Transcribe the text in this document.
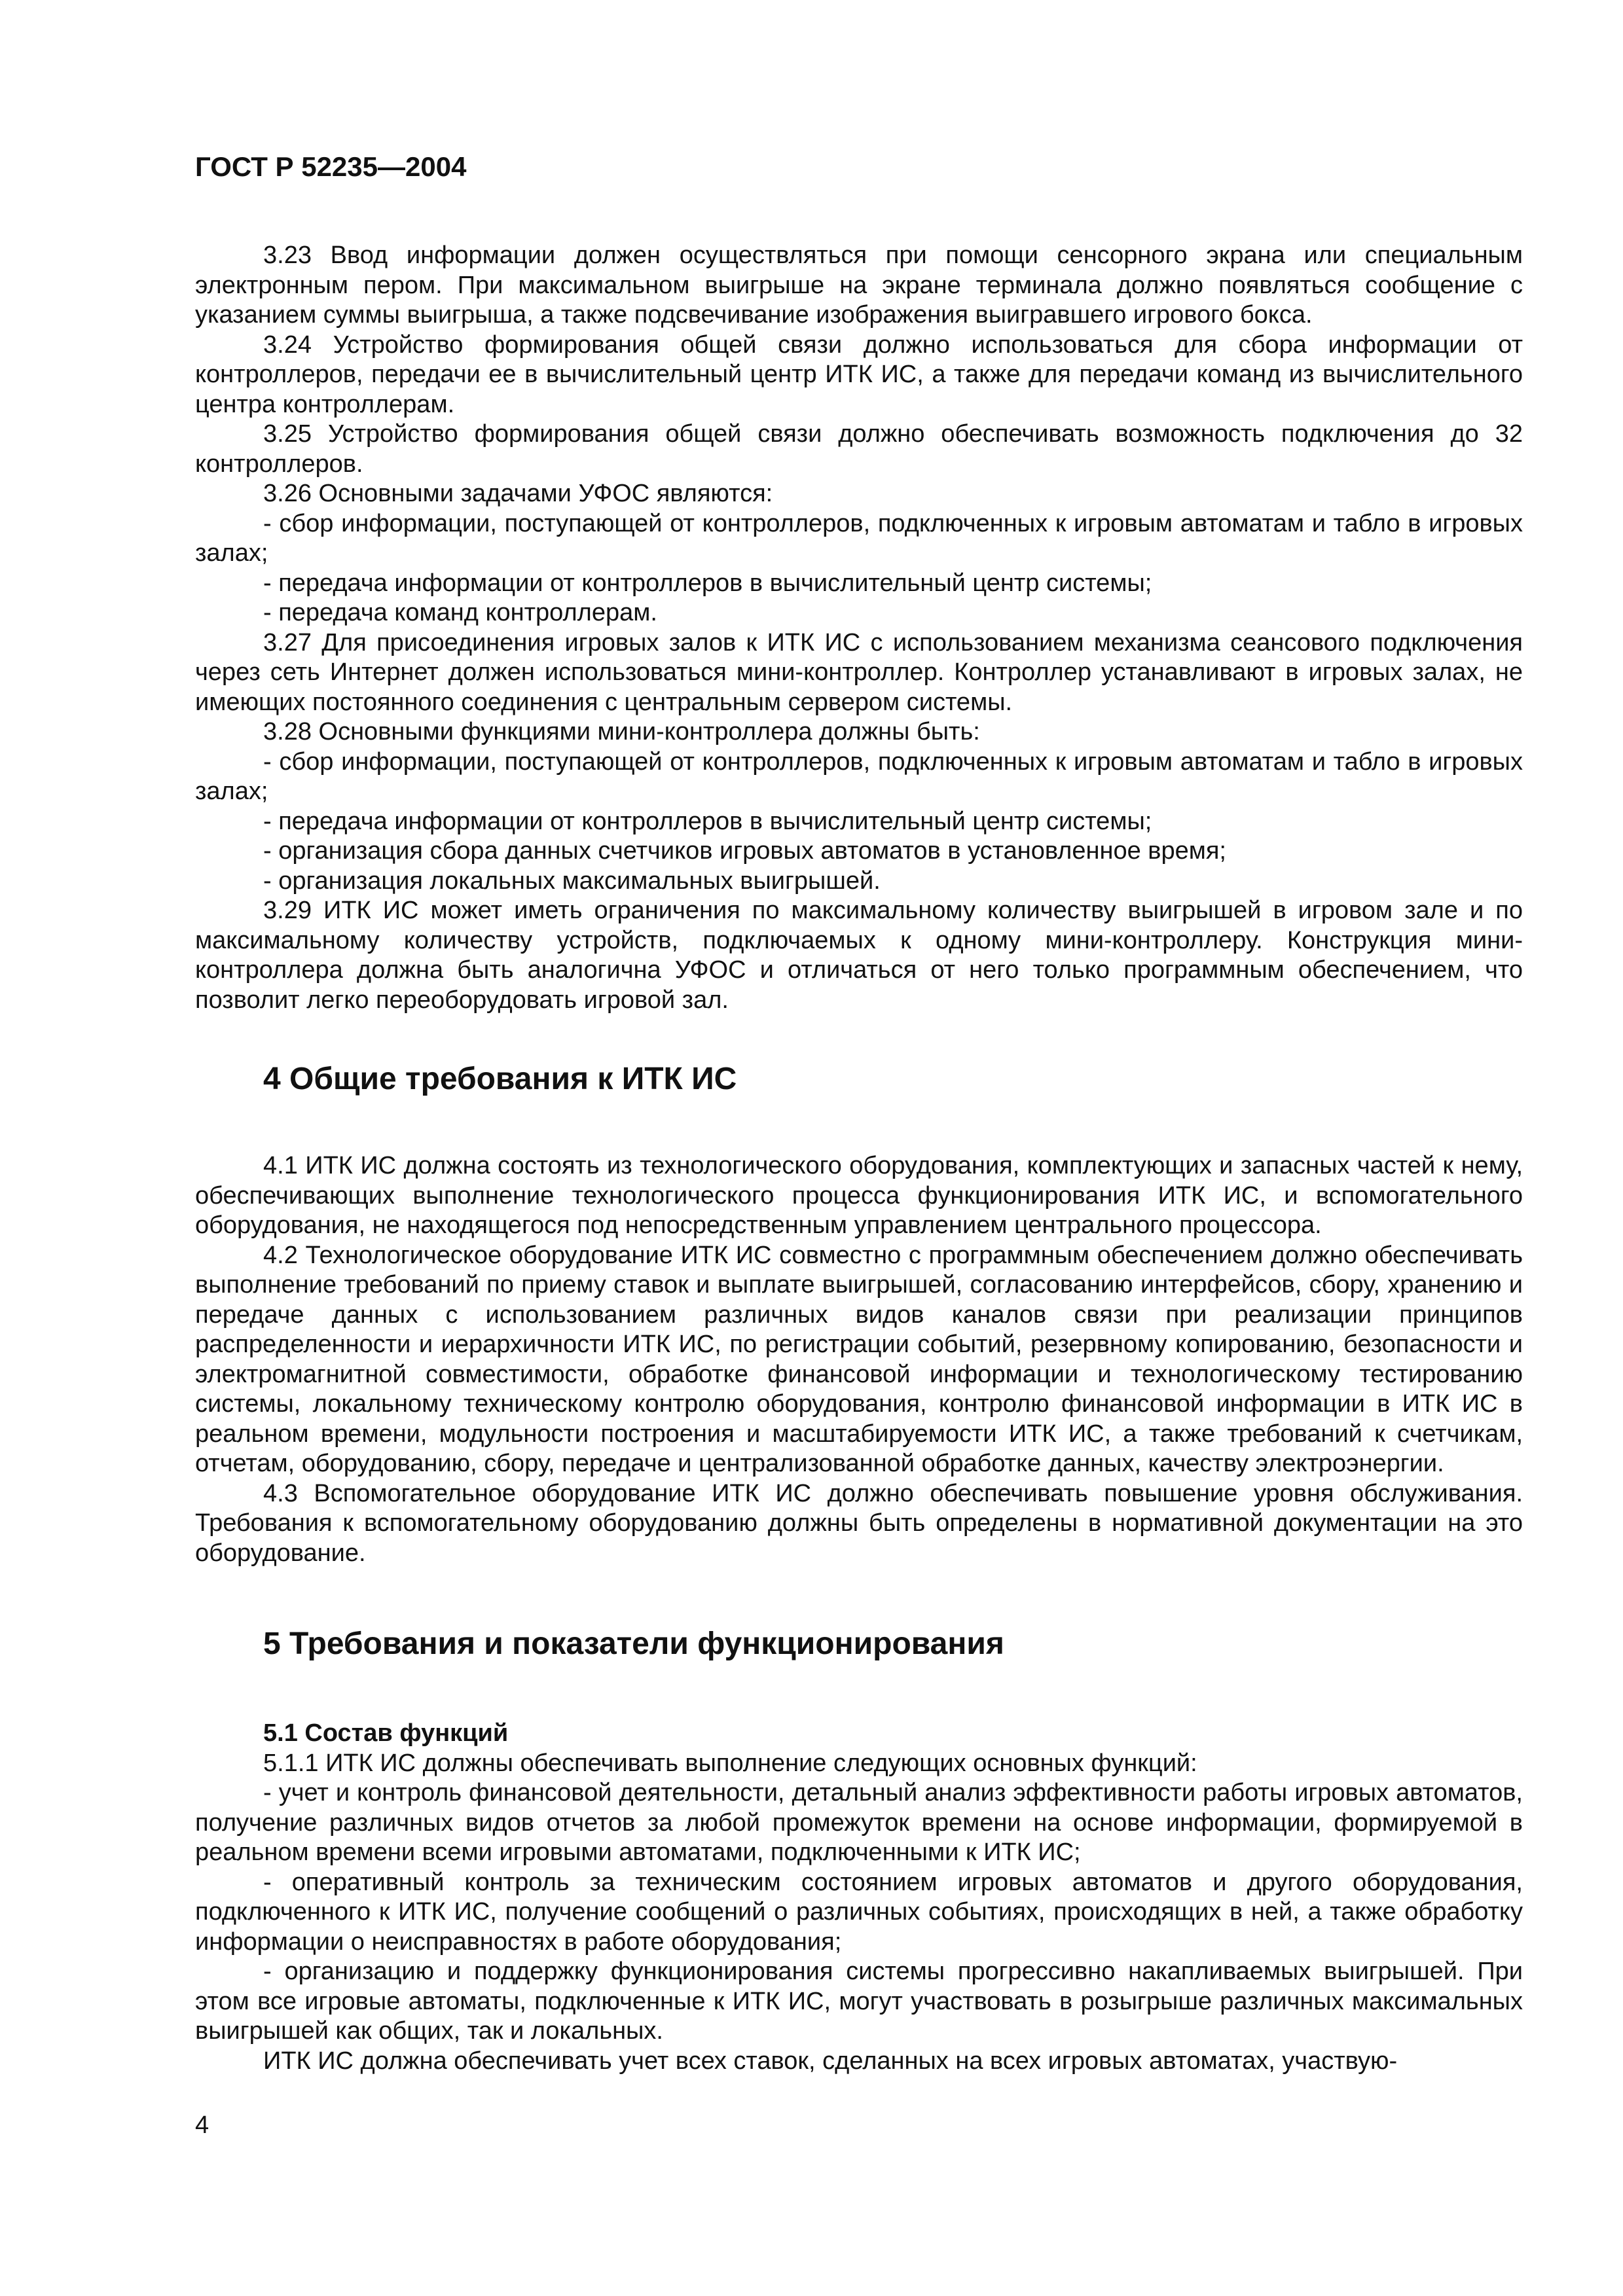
ГОСТ Р 52235—2004
3.23 Ввод информации должен осуществляться при помощи сенсорного экрана или специальным электронным пером. При максимальном выигрыше на экране терминала должно появляться сообщение с указанием суммы выигрыша, а также подсвечивание изображения выигравшего игрового бокса.
3.24 Устройство формирования общей связи должно использоваться для сбора информации от контроллеров, передачи ее в вычислительный центр ИТК ИС, а также для передачи команд из вычислительного центра контроллерам.
3.25 Устройство формирования общей связи должно обеспечивать возможность подключения до 32 контроллеров.
3.26 Основными задачами УФОС являются:
- сбор информации, поступающей от контроллеров, подключенных к игровым автоматам и табло в игровых залах;
- передача информации от контроллеров в вычислительный центр системы;
- передача команд контроллерам.
3.27 Для присоединения игровых залов к ИТК ИС с использованием механизма сеансового подключения через сеть Интернет должен использоваться мини-контроллер. Контроллер устанавливают в игровых залах, не имеющих постоянного соединения с центральным сервером системы.
3.28 Основными функциями мини-контроллера должны быть:
- сбор информации, поступающей от контроллеров, подключенных к игровым автоматам и табло в игровых залах;
- передача информации от контроллеров в вычислительный центр системы;
- организация сбора данных счетчиков игровых автоматов в установленное время;
- организация локальных максимальных выигрышей.
3.29 ИТК ИС может иметь ограничения по максимальному количеству выигрышей в игровом зале и по максимальному количеству устройств, подключаемых к одному мини-контроллеру. Конструкция мини-контроллера должна быть аналогична УФОС и отличаться от него только программным обеспечением, что позволит легко переоборудовать игровой зал.
4 Общие требования к ИТК ИС
4.1 ИТК ИС должна состоять из технологического оборудования, комплектующих и запасных частей к нему, обеспечивающих выполнение технологического процесса функционирования ИТК ИС, и вспомогательного оборудования, не находящегося под непосредственным управлением центрального процессора.
4.2 Технологическое оборудование ИТК ИС совместно с программным обеспечением должно обеспечивать выполнение требований по приему ставок и выплате выигрышей, согласованию интерфейсов, сбору, хранению и передаче данных с использованием различных видов каналов связи при реализации принципов распределенности и иерархичности ИТК ИС, по регистрации событий, резервному копированию, безопасности и электромагнитной совместимости, обработке финансовой информации и технологическому тестированию системы, локальному техническому контролю оборудования, контролю финансовой информации в ИТК ИС в реальном времени, модульности построения и масштабируемости ИТК ИС, а также требований к счетчикам, отчетам, оборудованию, сбору, передаче и централизованной обработке данных, качеству электроэнергии.
4.3 Вспомогательное оборудование ИТК ИС должно обеспечивать повышение уровня обслуживания. Требования к вспомогательному оборудованию должны быть определены в нормативной документации на это оборудование.
5 Требования и показатели функционирования
5.1 Состав функций
5.1.1 ИТК ИС должны обеспечивать выполнение следующих основных функций:
- учет и контроль финансовой деятельности, детальный анализ эффективности работы игровых автоматов, получение различных видов отчетов за любой промежуток времени на основе информации, формируемой в реальном времени всеми игровыми автоматами, подключенными к ИТК ИС;
- оперативный контроль за техническим состоянием игровых автоматов и другого оборудования, подключенного к ИТК ИС, получение сообщений о различных событиях, происходящих в ней, а также обработку информации о неисправностях в работе оборудования;
- организацию и поддержку функционирования системы прогрессивно накапливаемых выигрышей. При этом все игровые автоматы, подключенные к ИТК ИС, могут участвовать в розыгрыше различных максимальных выигрышей как общих, так и локальных.
ИТК ИС должна обеспечивать учет всех ставок, сделанных на всех игровых автоматах, участвую-
4
